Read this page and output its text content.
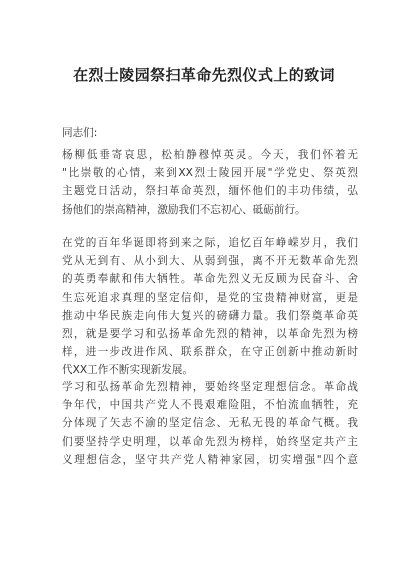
在烈士陵园祭扫革命先烈仪式上的致词
同志们:
杨柳低垂寄哀思，松柏静穆悼英灵。今天，我们怀着无
"比崇敬的心情，来到XX烈士陵园开展"学党史、祭英烈
主题党日活动，祭扫革命英烈，缅怀他们的丰功伟绩，弘
扬他们的崇高精神，激励我们不忘初心、砥砺前行。
在党的百年华诞即将到来之际，追忆百年峥嵘岁月，我们
党从无到有、从小到大、从弱到强，离不开无数革命先烈
的英勇奉献和伟大牺牲。革命先烈义无反顾为民奋斗、舍
生忘死追求真理的坚定信仰，是党的宝贵精神财富，更是
推动中华民族走向伟大复兴的磅礴力量。我们祭奠革命英
烈，就是要学习和弘扬革命先烈的精神，以革命先烈为榜
样，进一步改进作风、联系群众，在守正创新中推动新时
代XX工作不断实现新发展。
学习和弘扬革命先烈精神，要始终坚定理想信念。革命战
争年代，中国共产党人不畏艰难险阻，不怕流血牺牲，充
分体现了矢志不渝的坚定信念、无私无畏的革命气概。我
们要坚持学史明理，以革命先烈为榜样，始终坚定共产主
义理想信念，坚守共产党人精神家园，切实增强"四个意
